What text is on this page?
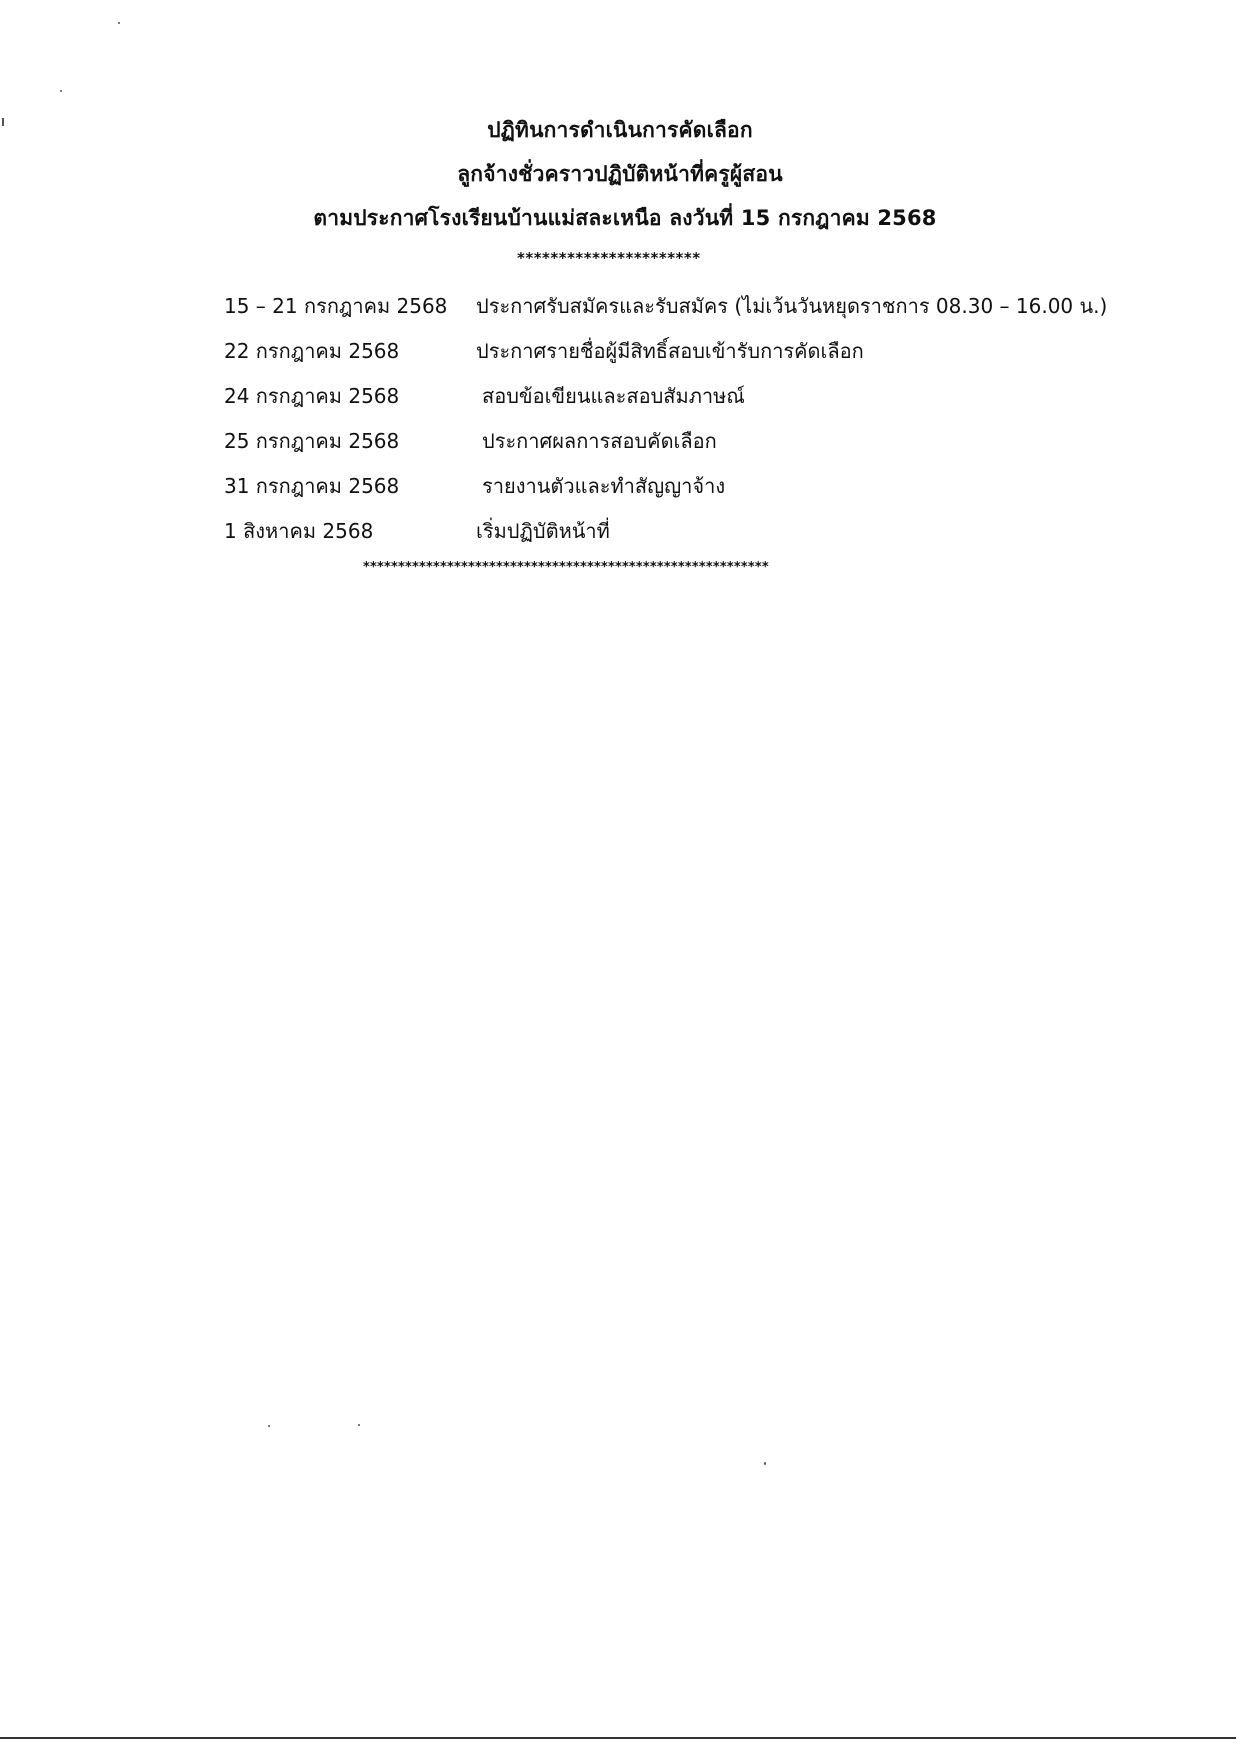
ปฏิทินการดำเนินการคัดเลือก
ลูกจ้างชั่วคราวปฏิบัติหน้าที่ครูผู้สอน
ตามประกาศโรงเรียนบ้านแม่สละเหนือ ลงวันที่ 15 กรกฎาคม 2568
**********************
15 – 21 กรกฎาคม 2568 ประกาศรับสมัครและรับสมัคร (ไม่เว้นวันหยุดราชการ 08.30 – 16.00 น.)
22 กรกฎาคม 2568	ประกาศรายชื่อผู้มีสิทธิ์สอบเข้ารับการคัดเลือก
24 กรกฎาคม 2568	สอบข้อเขียนและสอบสัมภาษณ์
25 กรกฎาคม 2568	ประกาศผลการสอบคัดเลือก
31 กรกฎาคม 2568	รายงานตัวและทำสัญญาจ้าง
1 สิงหาคม 2568	เริ่มปฏิบัติหน้าที่
**********************************************************
